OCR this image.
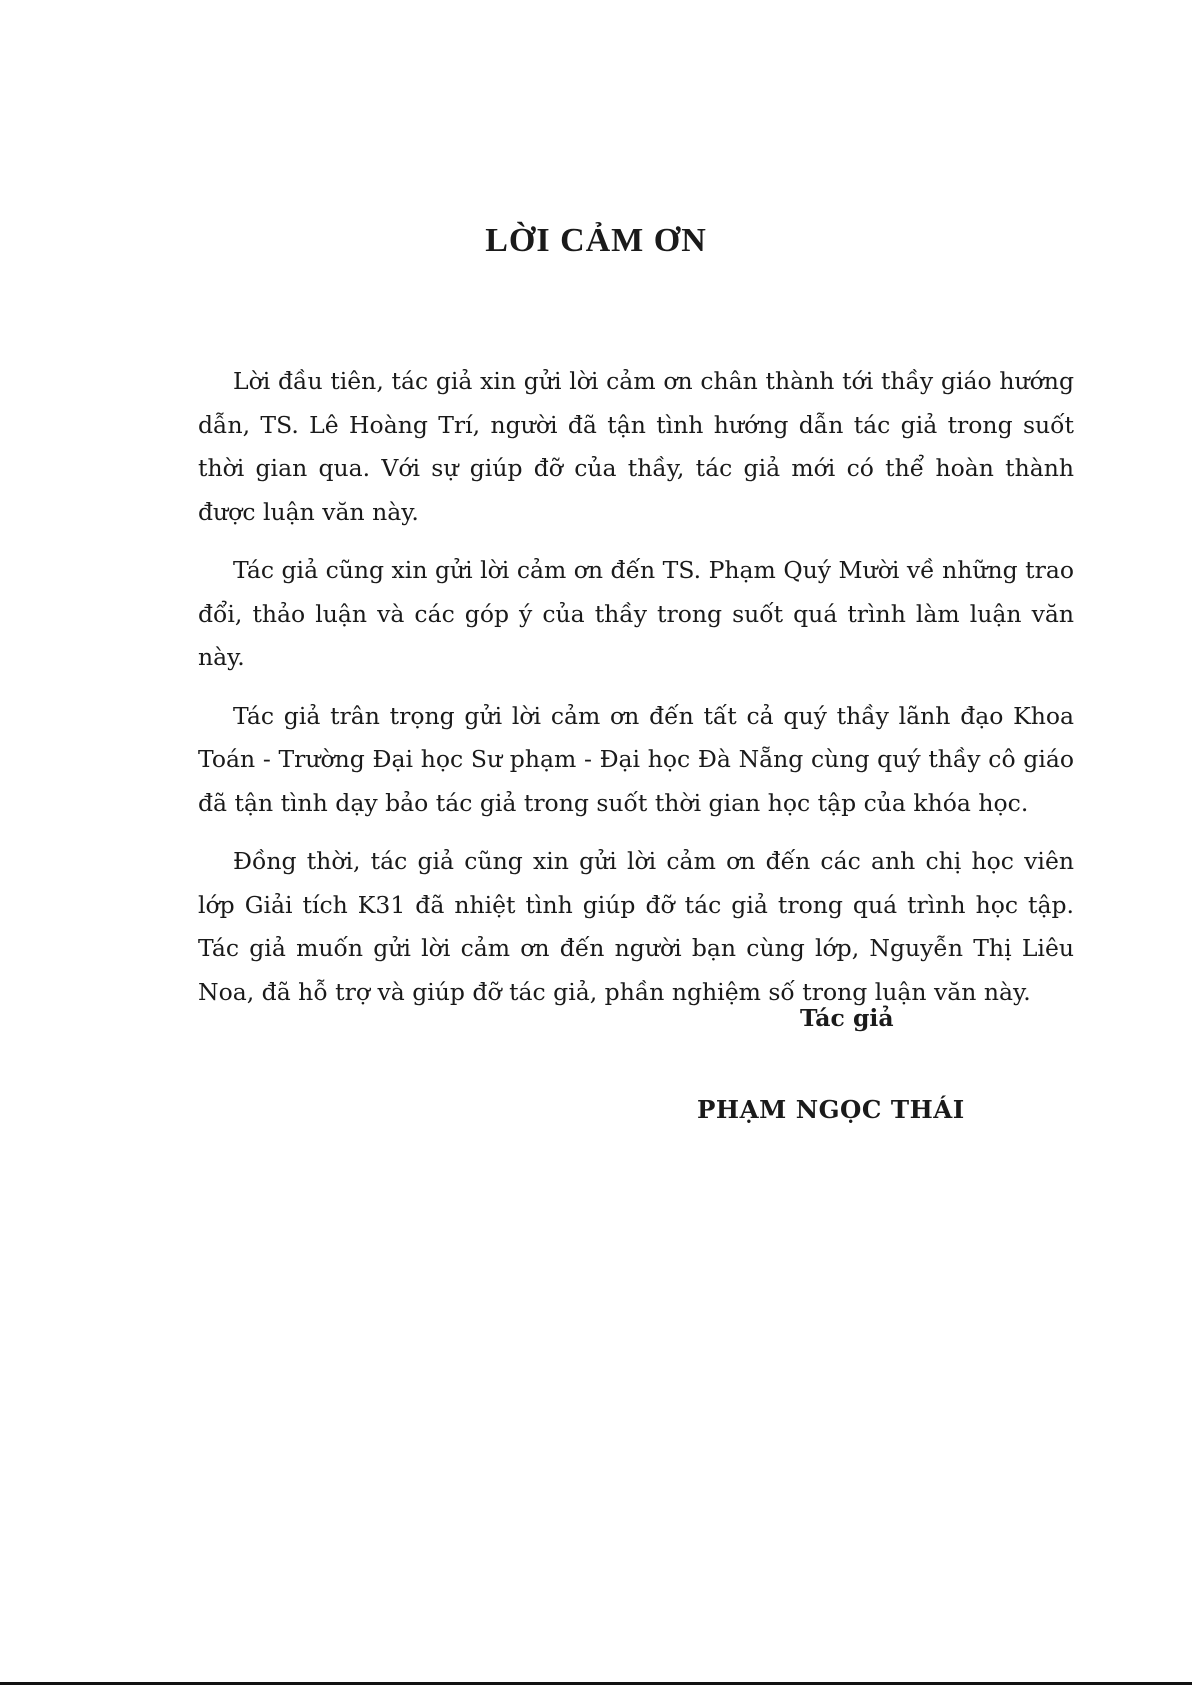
LỜI CẢM ƠN

Lời đầu tiên, tác giả xin gửi lời cảm ơn chân thành tới thầy giáo hướng dẫn, TS. Lê Hoàng Trí, người đã tận tình hướng dẫn tác giả trong suốt thời gian qua. Với sự giúp đỡ của thầy, tác giả mới có thể hoàn thành được luận văn này.

Tác giả cũng xin gửi lời cảm ơn đến TS. Phạm Quý Mười về những trao đổi, thảo luận và các góp ý của thầy trong suốt quá trình làm luận văn này.

Tác giả trân trọng gửi lời cảm ơn đến tất cả quý thầy lãnh đạo Khoa Toán - Trường Đại học Sư phạm - Đại học Đà Nẵng cùng quý thầy cô giáo đã tận tình dạy bảo tác giả trong suốt thời gian học tập của khóa học.

Đồng thời, tác giả cũng xin gửi lời cảm ơn đến các anh chị học viên lớp Giải tích K31 đã nhiệt tình giúp đỡ tác giả trong quá trình học tập. Tác giả muốn gửi lời cảm ơn đến người bạn cùng lớp, Nguyễn Thị Liêu Noa, đã hỗ trợ và giúp đỡ tác giả, phần nghiệm số trong luận văn này.

Tác giả

PHẠM NGỌC THÁI
